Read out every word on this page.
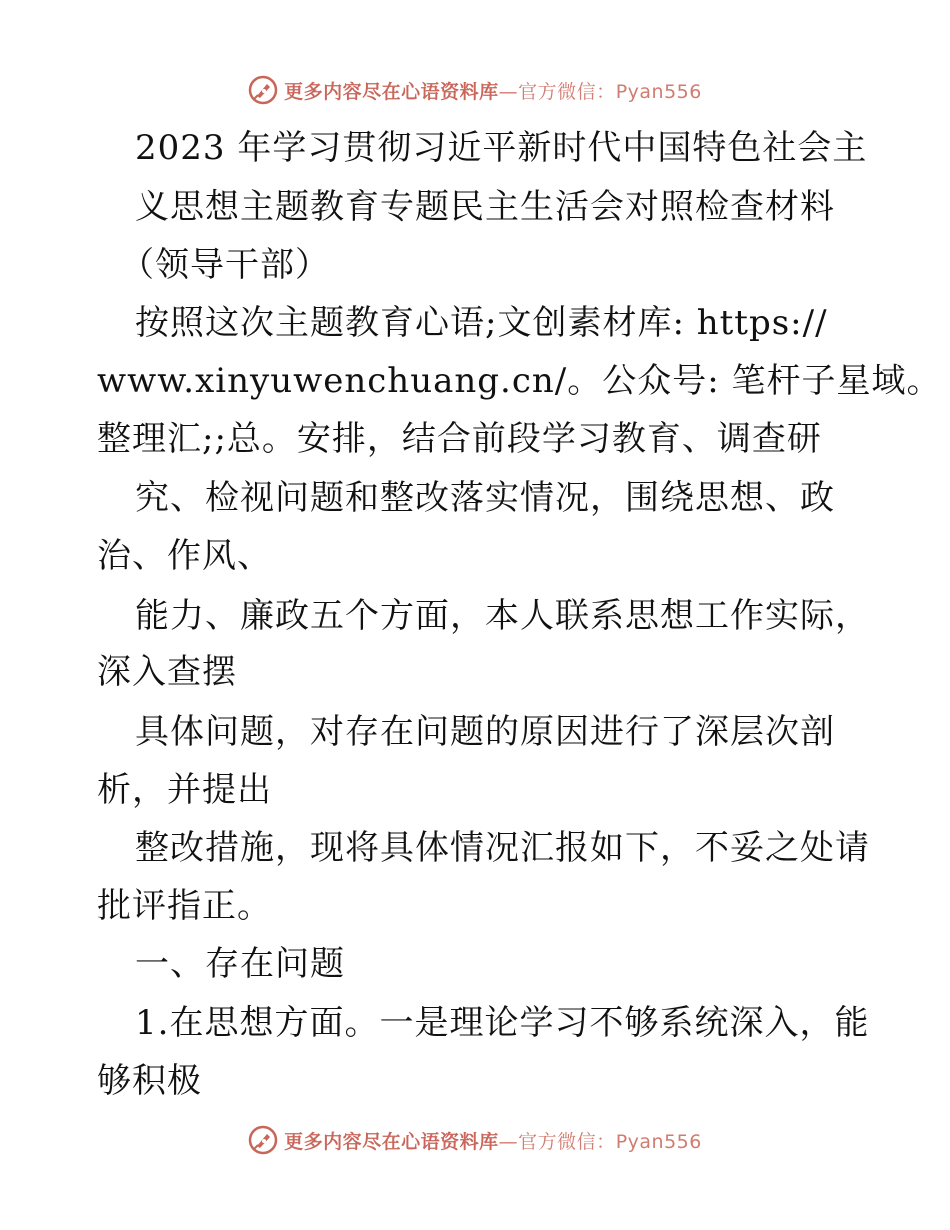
更多内容尽在心语资料库—官方微信：Pyan556
2023 年学习贯彻习近平新时代中国特色社会主
义思想主题教育专题民主生活会对照检查材料
（领导干部）
按照这次主题教育心语;文创素材库: https://
www.xinyuwenchuang.cn/。公众号: 笔杆子星域。
整理汇;;总。安排，结合前段学习教育、调查研
究、检视问题和整改落实情况，围绕思想、政
治、作风、
能力、廉政五个方面，本人联系思想工作实际，
深入查摆
具体问题，对存在问题的原因进行了深层次剖
析，并提出
整改措施，现将具体情况汇报如下，不妥之处请
批评指正。
一、存在问题
1.在思想方面。一是理论学习不够系统深入，能
够积极
更多内容尽在心语资料库—官方微信：Pyan556
